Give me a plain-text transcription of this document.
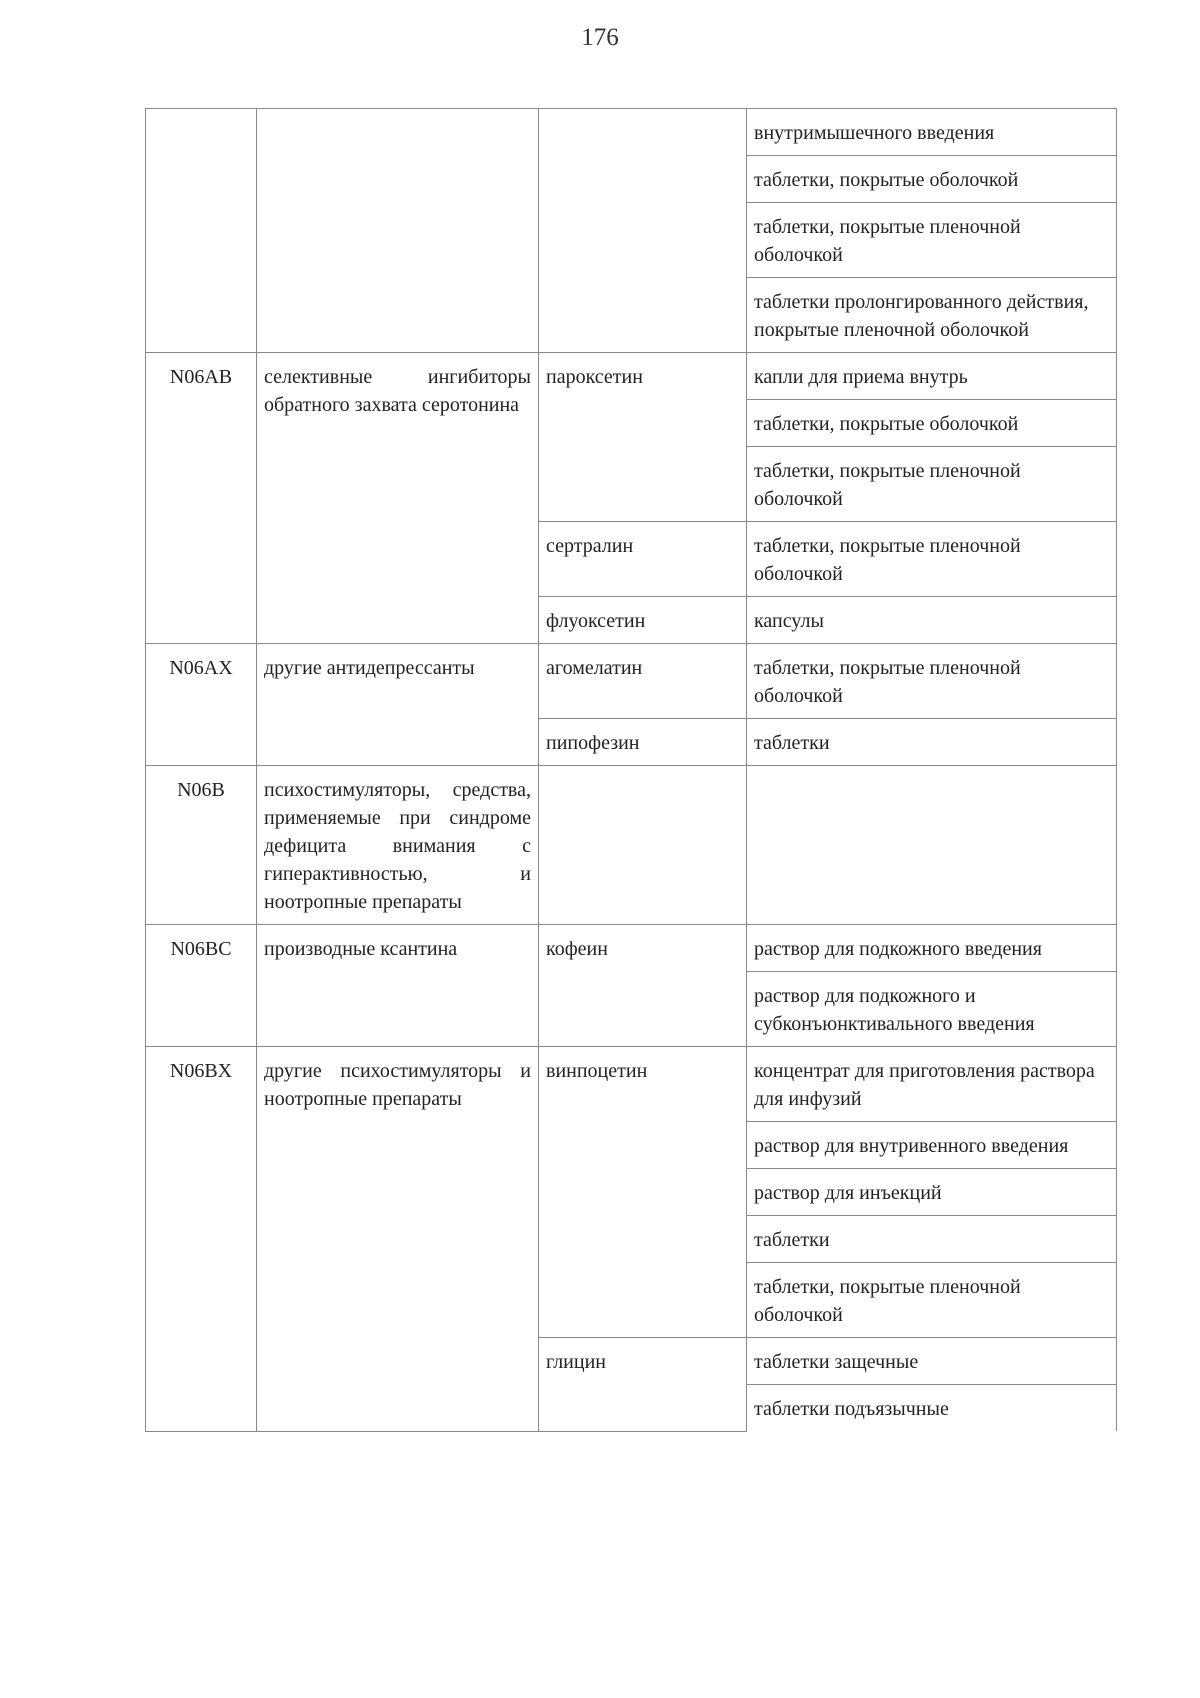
176
			внутримышечного введения
			таблетки, покрытые оболочкой
			таблетки, покрытые пленочной оболочкой
			таблетки пролонгированного действия, покрытые пленочной оболочкой
N06AB	селективные ингибиторы обратного захвата серотонина	пароксетин	капли для приема внутрь
			таблетки, покрытые оболочкой
			таблетки, покрытые пленочной оболочкой
		сертралин	таблетки, покрытые пленочной оболочкой
		флуоксетин	капсулы
N06AX	другие антидепрессанты	агомелатин	таблетки, покрытые пленочной оболочкой
		пипофезин	таблетки
N06B	психостимуляторы, средства, применяемые при синдроме дефицита внимания с гиперактивностью, и ноотропные препараты		
N06BC	производные ксантина	кофеин	раствор для подкожного введения
			раствор для подкожного и субконъюнктивального введения
N06BX	другие психостимуляторы и ноотропные препараты	винпоцетин	концентрат для приготовления раствора для инфузий
			раствор для внутривенного введения
			раствор для инъекций
			таблетки
			таблетки, покрытые пленочной оболочкой
		глицин	таблетки защечные
			таблетки подъязычные
